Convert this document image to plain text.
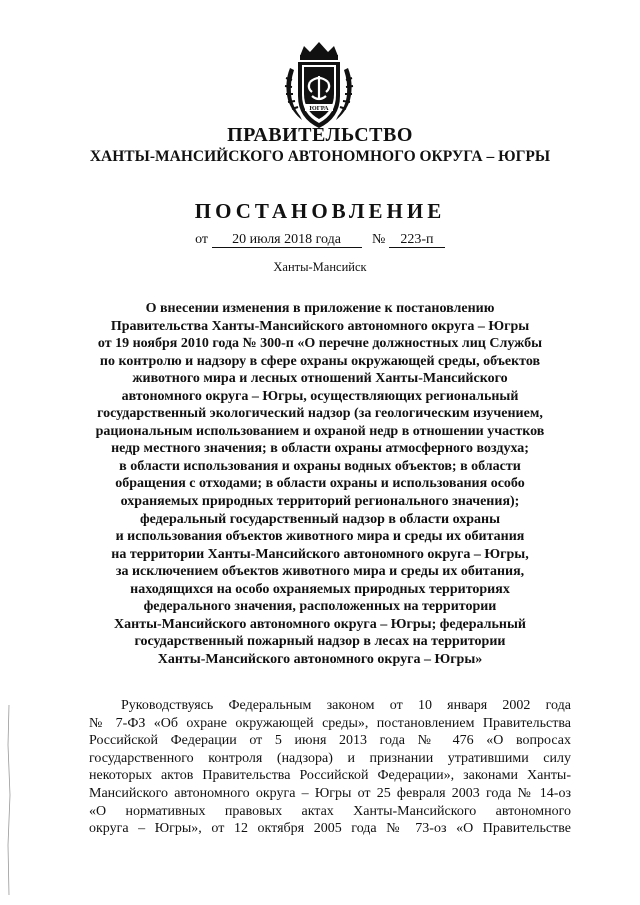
ЮГРА
ПРАВИТЕЛЬСТВО
ХАНТЫ-МАНСИЙСКОГО АВТОНОМНОГО ОКРУГА – ЮГРЫ
ПОСТАНОВЛЕНИЕ
от 20 июля 2018 года № 223-п
Ханты-Мансийск
О внесении изменения в приложение к постановлению
Правительства Ханты-Мансийского автономного округа – Югры
от 19 ноября 2010 года № 300-п «О перечне должностных лиц Службы
по контролю и надзору в сфере охраны окружающей среды, объектов
животного мира и лесных отношений Ханты-Мансийского
автономного округа – Югры, осуществляющих региональный
государственный экологический надзор (за геологическим изучением,
рациональным использованием и охраной недр в отношении участков
недр местного значения; в области охраны атмосферного воздуха;
в области использования и охраны водных объектов; в области
обращения с отходами; в области охраны и использования особо
охраняемых природных территорий регионального значения);
федеральный государственный надзор в области охраны
и использования объектов животного мира и среды их обитания
на территории Ханты-Мансийского автономного округа – Югры,
за исключением объектов животного мира и среды их обитания,
находящихся на особо охраняемых природных территориях
федерального значения, расположенных на территории
Ханты-Мансийского автономного округа – Югры; федеральный
государственный пожарный надзор в лесах на территории
Ханты-Мансийского автономного округа – Югры»
Руководствуясь Федеральным законом от 10 января 2002 года
№ 7-ФЗ «Об охране окружающей среды», постановлением Правительства
Российской Федерации от 5 июня 2013 года № 476 «О вопросах
государственного контроля (надзора) и признании утратившими силу
некоторых актов Правительства Российской Федерации», законами Ханты-
Мансийского автономного округа – Югры от 25 февраля 2003 года № 14-оз
«О нормативных правовых актах Ханты-Мансийского автономного
округа – Югры», от 12 октября 2005 года № 73-оз «О Правительстве
